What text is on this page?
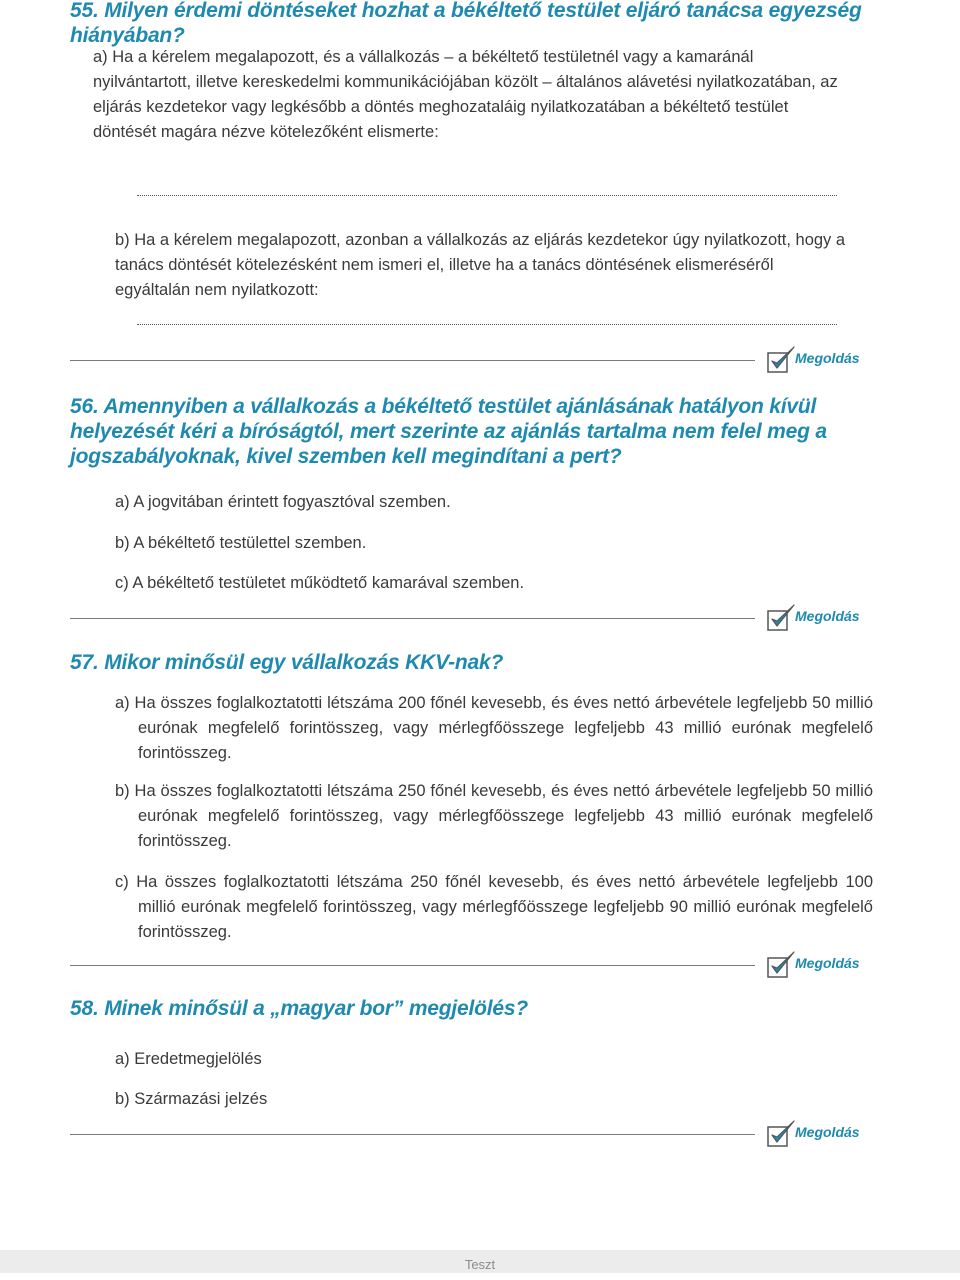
55. Milyen érdemi döntéseket hozhat a békéltető testület eljáró tanácsa egyezség hiányában?

a) Ha a kérelem megalapozott, és a vállalkozás – a békéltető testületnél vagy a kamaránál nyilvántartott, illetve kereskedelmi kommunikációjában közölt – általános alávetési nyilatkozatában, az eljárás kezdetekor vagy legkésőbb a döntés meghozataláig nyilatkozatában a békéltető testület döntését magára nézve kötelezőként elismerte:

b) Ha a kérelem megalapozott, azonban a vállalkozás az eljárás kezdetekor úgy nyilatkozott, hogy a tanács döntését kötelezésként nem ismeri el, illetve ha a tanács döntésének elismeréséről egyáltalán nem nyilatkozott:

Megoldás
56. Amennyiben a vállalkozás a békéltető testület ajánlásának hatályon kívül helyezését kéri a bíróságtól, mert szerinte az ajánlás tartalma nem felel meg a jogszabályoknak, kivel szemben kell megindítani a pert?

a) A jogvitában érintett fogyasztóval szemben.

b) A békéltető testülettel szemben.

c) A békéltető testületet működtető kamarával szemben.

Megoldás
57. Mikor minősül egy vállalkozás KKV-nak?

a) Ha összes foglalkoztatotti létszáma 200 főnél kevesebb, és éves nettó árbevétele legfeljebb 50 millió eurónak megfelelő forintösszeg, vagy mérlegfőösszege legfeljebb 43 millió eurónak megfelelő forintösszeg.

b) Ha összes foglalkoztatotti létszáma 250 főnél kevesebb, és éves nettó árbevétele legfeljebb 50 millió eurónak megfelelő forintösszeg, vagy mérlegfőösszege legfeljebb 43 millió eurónak megfelelő forintösszeg.

c) Ha összes foglalkoztatotti létszáma 250 főnél kevesebb, és éves nettó árbevétele legfeljebb 100 millió eurónak megfelelő forintösszeg, vagy mérlegfőösszege legfeljebb 90 millió eurónak megfelelő forintösszeg.

Megoldás
58. Minek minősül a „magyar bor” megjelölés?

a) Eredetmegjelölés

b) Származási jelzés

Megoldás
Teszt
